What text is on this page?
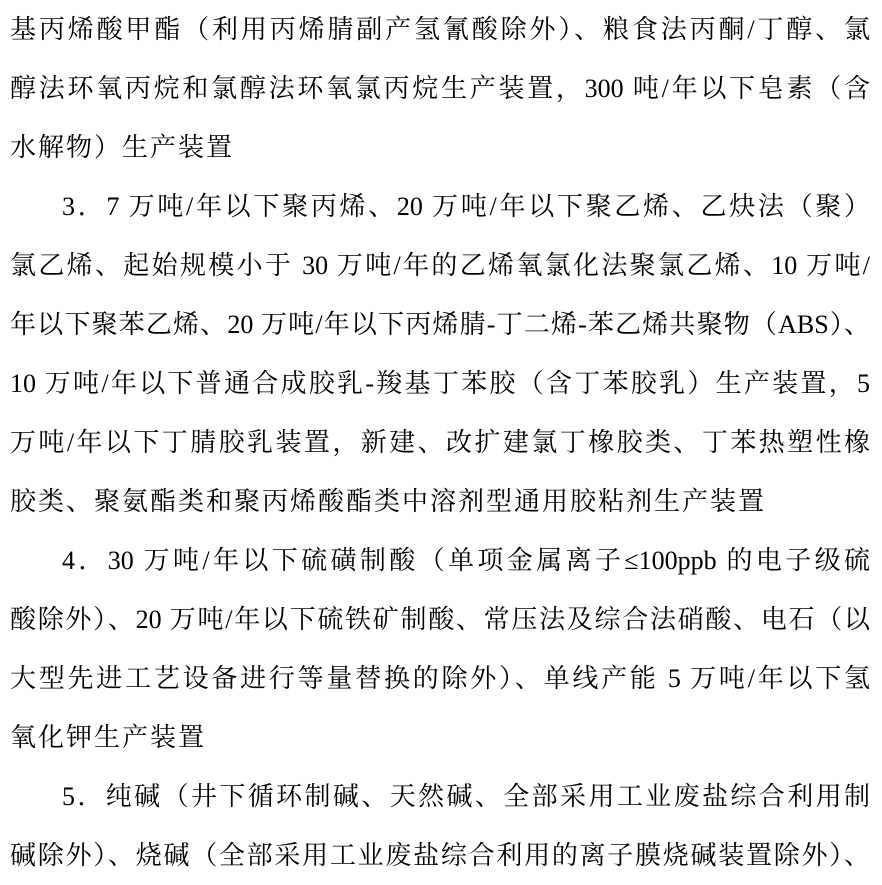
基丙烯酸甲酯（利用丙烯腈副产氢氰酸除外）、粮食法丙酮/丁醇、氯
醇法环氧丙烷和氯醇法环氧氯丙烷生产装置，300 吨/年以下皂素（含
水解物）生产装置
3．7 万吨/年以下聚丙烯、20 万吨/年以下聚乙烯、乙炔法（聚）
氯乙烯、起始规模小于 30 万吨/年的乙烯氧氯化法聚氯乙烯、10 万吨/
年以下聚苯乙烯、20 万吨/年以下丙烯腈-丁二烯-苯乙烯共聚物（ABS）、
10 万吨/年以下普通合成胶乳-羧基丁苯胶（含丁苯胶乳）生产装置，5
万吨/年以下丁腈胶乳装置，新建、改扩建氯丁橡胶类、丁苯热塑性橡
胶类、聚氨酯类和聚丙烯酸酯类中溶剂型通用胶粘剂生产装置
4．30 万吨/年以下硫磺制酸（单项金属离子≤100ppb 的电子级硫
酸除外）、20 万吨/年以下硫铁矿制酸、常压法及综合法硝酸、电石（以
大型先进工艺设备进行等量替换的除外）、单线产能 5 万吨/年以下氢
氧化钾生产装置
5．纯碱（井下循环制碱、天然碱、全部采用工业废盐综合利用制
碱除外）、烧碱（全部采用工业废盐综合利用的离子膜烧碱装置除外）、
